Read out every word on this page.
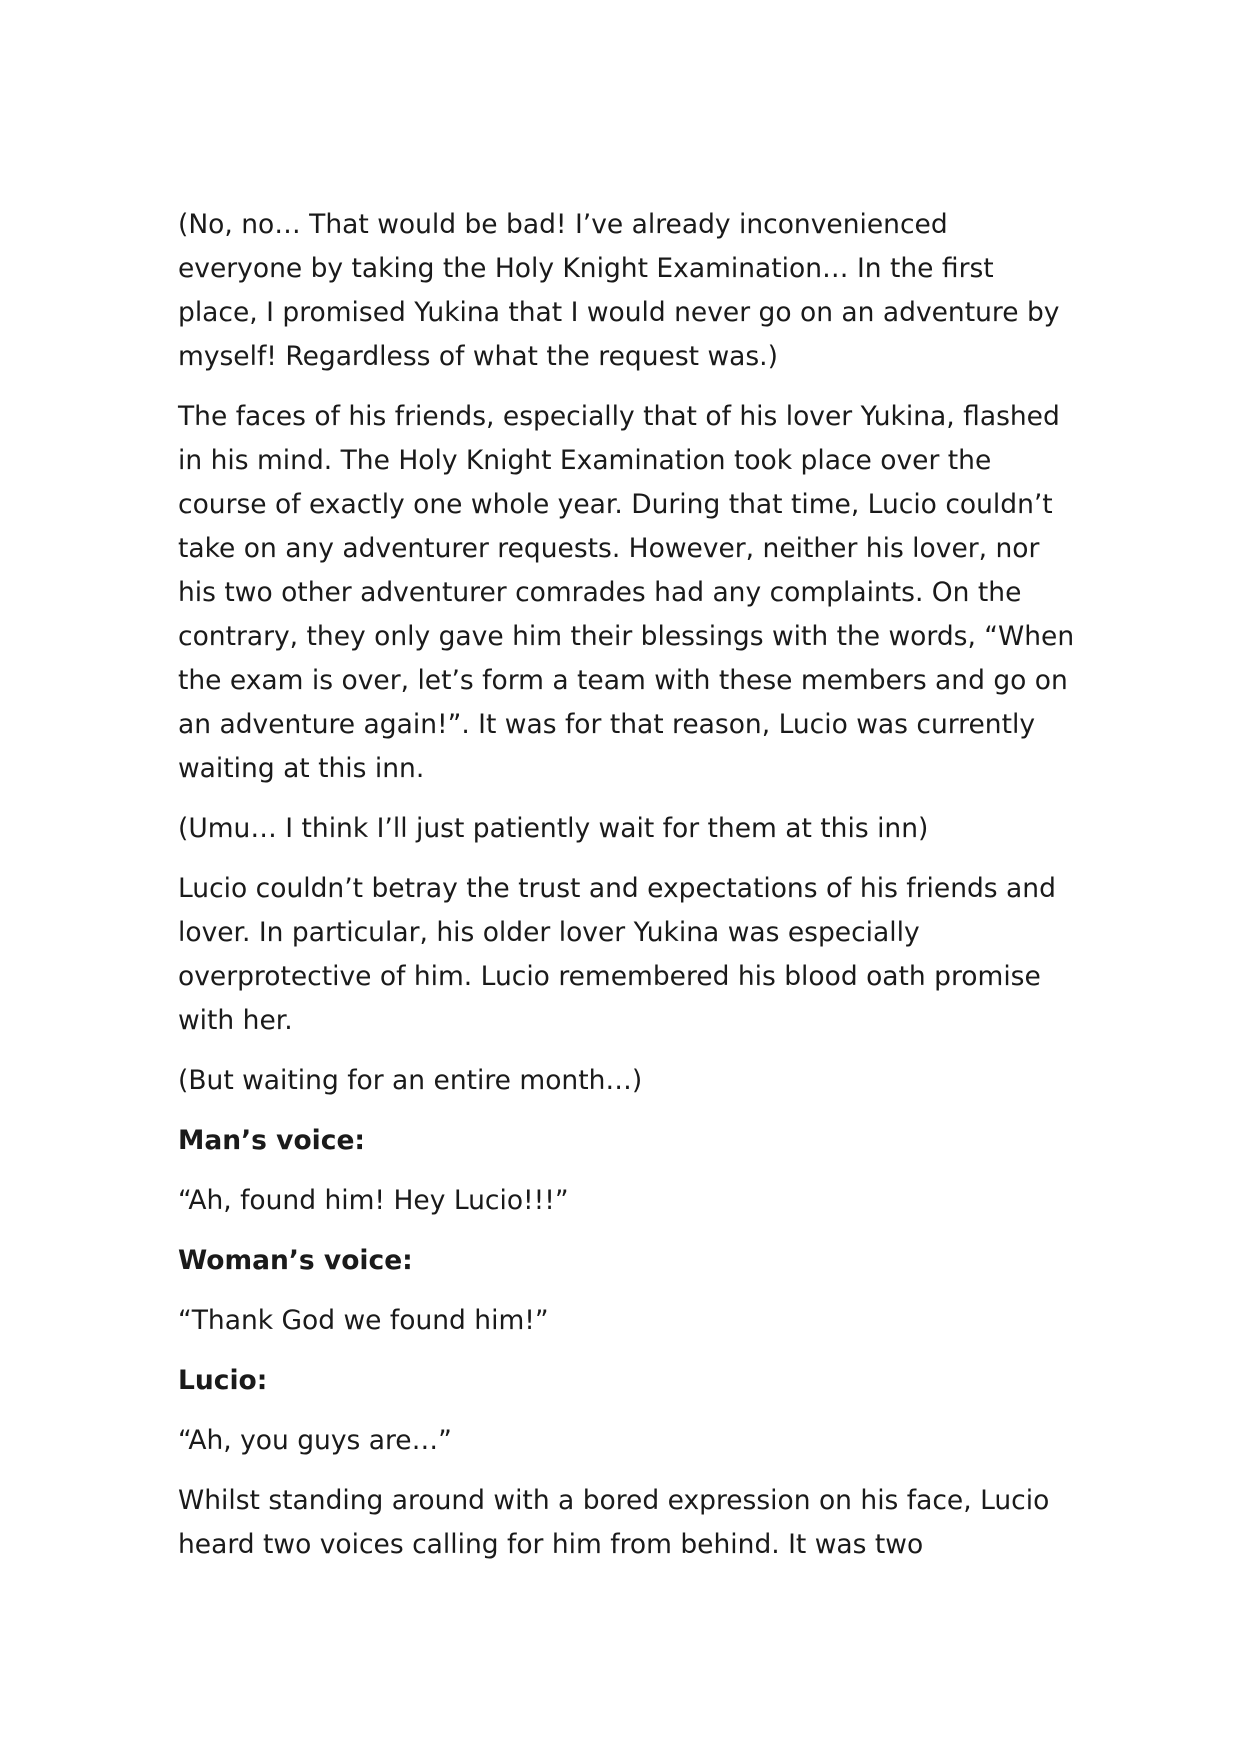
(No, no… That would be bad! I’ve already inconvenienced everyone by taking the Holy Knight Examination… In the first place, I promised Yukina that I would never go on an adventure by myself! Regardless of what the request was.)

The faces of his friends, especially that of his lover Yukina, flashed in his mind. The Holy Knight Examination took place over the course of exactly one whole year. During that time, Lucio couldn’t take on any adventurer requests. However, neither his lover, nor his two other adventurer comrades had any complaints. On the contrary, they only gave him their blessings with the words, “When the exam is over, let’s form a team with these members and go on an adventure again!”. It was for that reason, Lucio was currently waiting at this inn.

(Umu… I think I’ll just patiently wait for them at this inn)

Lucio couldn’t betray the trust and expectations of his friends and lover. In particular, his older lover Yukina was especially overprotective of him. Lucio remembered his blood oath promise with her.

(But waiting for an entire month…)

Man’s voice:

“Ah, found him! Hey Lucio!!!”

Woman’s voice:

“Thank God we found him!”

Lucio:

“Ah, you guys are…”

Whilst standing around with a bored expression on his face, Lucio heard two voices calling for him from behind. It was two
